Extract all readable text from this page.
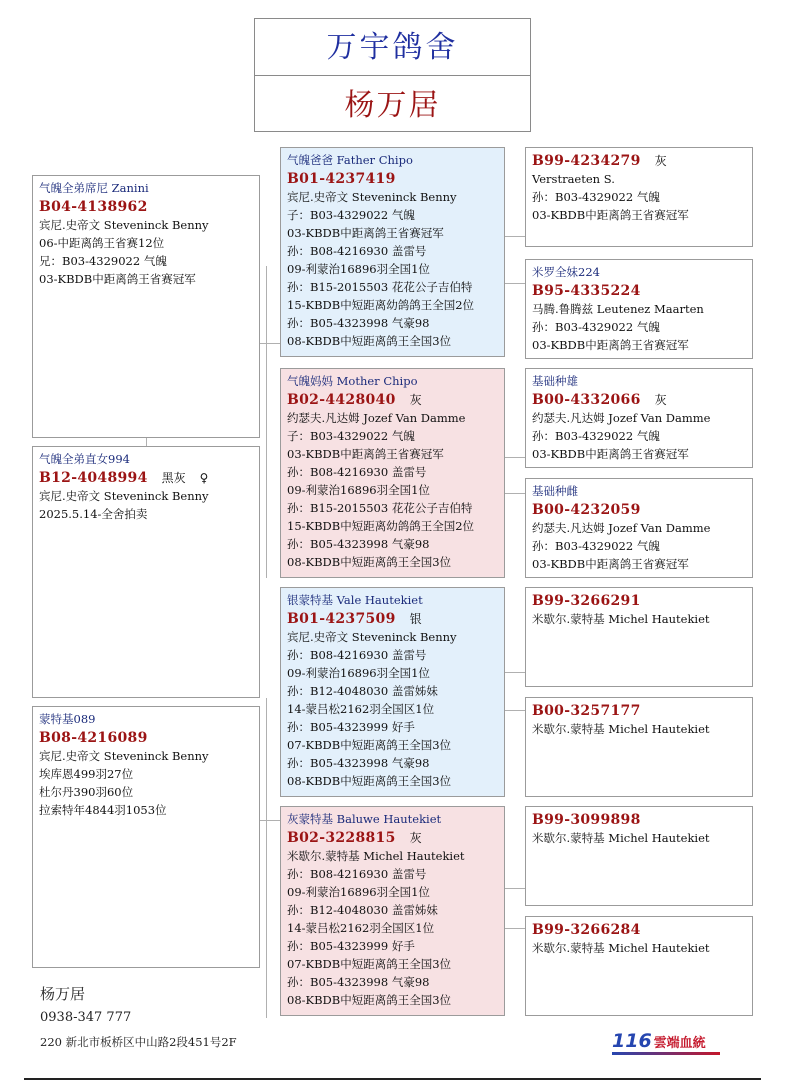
万宇鸽舍
杨万居
气魄全弟席尼 Zanini
B04-4138962
宾尼.史帝文 Steveninck Benny
06-中距离鸽王省赛12位
兄：B03-4329022 气魄
03-KBDB中距离鸽王省赛冠军
气魄全弟直女994
B12-4048994 黑灰 ♀
宾尼.史帝文 Steveninck Benny
2025.5.14-全舍拍卖
蒙特基089
B08-4216089
宾尼.史帝文 Steveninck Benny
埃库恩499羽27位
杜尔丹390羽60位
拉索特年4844羽1053位
气魄爸爸 Father Chipo
B01-4237419
宾尼.史帝文 Steveninck Benny
子：B03-4329022 气魄
03-KBDB中距离鸽王省赛冠军
孙：B08-4216930 盖雷号
09-利蒙治16896羽全国1位
孙：B15-2015503 花花公子吉伯特
15-KBDB中短距离幼鸽鸽王全国2位
孙：B05-4323998 气豪98
08-KBDB中短距离鸽王全国3位
气魄妈妈 Mother Chipo
B02-4428040 灰
约瑟夫.凡达姆 Jozef Van Damme
子：B03-4329022 气魄
03-KBDB中距离鸽王省赛冠军
孙：B08-4216930 盖雷号
09-利蒙治16896羽全国1位
孙：B15-2015503 花花公子吉伯特
15-KBDB中短距离幼鸽鸽王全国2位
孙：B05-4323998 气豪98
08-KBDB中短距离鸽王全国3位
银蒙特基 Vale Hautekiet
B01-4237509 银
宾尼.史帝文 Steveninck Benny
孙：B08-4216930 盖雷号
09-利蒙治16896羽全国1位
孙：B12-4048030 盖雷姊妹
14-蒙吕松2162羽全国区1位
孙：B05-4323999 好手
07-KBDB中短距离鸽王全国3位
孙：B05-4323998 气豪98
08-KBDB中短距离鸽王全国3位
灰蒙特基 Baluwe Hautekiet
B02-3228815 灰
米歇尔.蒙特基 Michel Hautekiet
孙：B08-4216930 盖雷号
09-利蒙治16896羽全国1位
孙：B12-4048030 盖雷姊妹
14-蒙吕松2162羽全国区1位
孙：B05-4323999 好手
07-KBDB中短距离鸽王全国3位
孙：B05-4323998 气豪98
08-KBDB中短距离鸽王全国3位
B99-4234279 灰
Verstraeten S.
孙：B03-4329022 气魄
03-KBDB中距离鸽王省赛冠军
米罗全妹224
B95-4335224
马腾.鲁腾兹 Leutenez Maarten
孙：B03-4329022 气魄
03-KBDB中距离鸽王省赛冠军
基础种雄
B00-4332066 灰
约瑟夫.凡达姆 Jozef Van Damme
孙：B03-4329022 气魄
03-KBDB中距离鸽王省赛冠军
基础种雌
B00-4232059
约瑟夫.凡达姆 Jozef Van Damme
孙：B03-4329022 气魄
03-KBDB中距离鸽王省赛冠军
B99-3266291
米歇尔.蒙特基 Michel Hautekiet
B00-3257177
米歇尔.蒙特基 Michel Hautekiet
B99-3099898
米歇尔.蒙特基 Michel Hautekiet
B99-3266284
米歇尔.蒙特基 Michel Hautekiet
杨万居
0938-347 777
220 新北市板桥区中山路2段451号2F	116 雲端血統
